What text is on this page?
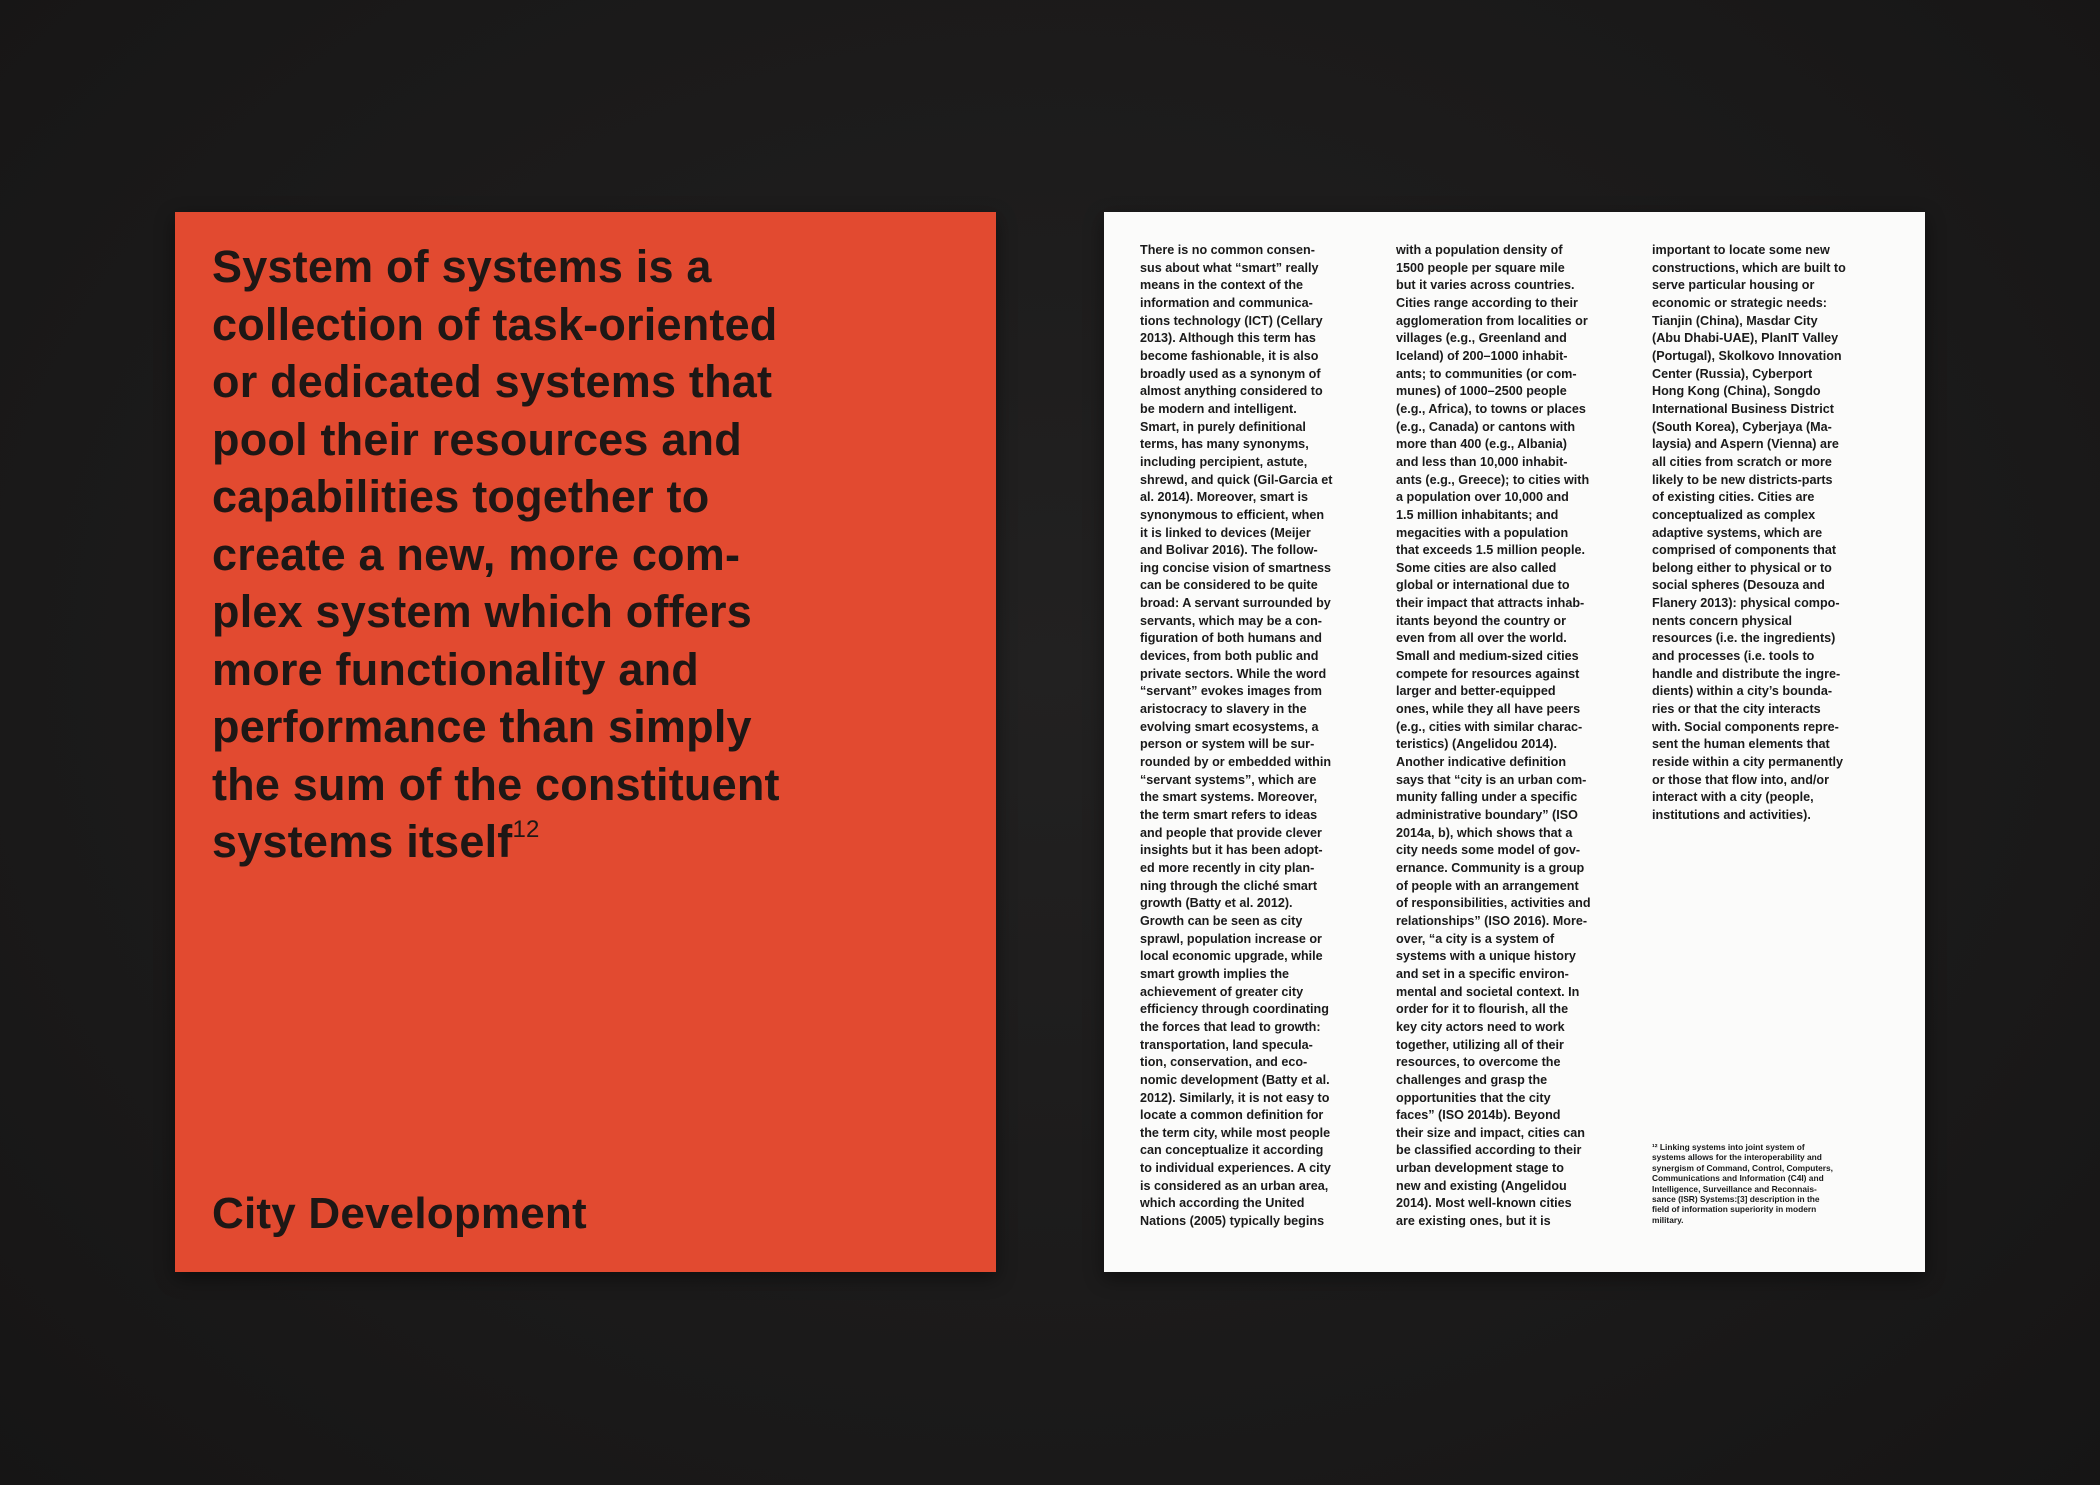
System of systems is a
collection of task-oriented
or dedicated systems that
pool their resources and
capabilities together to
create a new, more com-
plex system which offers
more functionality and
performance than simply
the sum of the constituent
systems itself$^{12}$
City Development

There is no common consen-
sus about what “smart” really
means in the context of the
information and communica-
tions technology (ICT) (Cellary
2013). Although this term has
become fashionable, it is also
broadly used as a synonym of
almost anything considered to
be modern and intelligent.
Smart, in purely definitional
terms, has many synonyms,
including percipient, astute,
shrewd, and quick (Gil-Garcia et
al. 2014). Moreover, smart is
synonymous to efficient, when
it is linked to devices (Meijer
and Bolivar 2016). The follow-
ing concise vision of smartness
can be considered to be quite
broad: A servant surrounded by
servants, which may be a con-
figuration of both humans and
devices, from both public and
private sectors. While the word
“servant” evokes images from
aristocracy to slavery in the
evolving smart ecosystems, a
person or system will be sur-
rounded by or embedded within
“servant systems”, which are
the smart systems. Moreover,
the term smart refers to ideas
and people that provide clever
insights but it has been adopt-
ed more recently in city plan-
ning through the cliché smart
growth (Batty et al. 2012).
Growth can be seen as city
sprawl, population increase or
local economic upgrade, while
smart growth implies the
achievement of greater city
efficiency through coordinating
the forces that lead to growth:
transportation, land specula-
tion, conservation, and eco-
nomic development (Batty et al.
2012). Similarly, it is not easy to
locate a common definition for
the term city, while most people
can conceptualize it according
to individual experiences. A city
is considered as an urban area,
which according the United
Nations (2005) typically begins

with a population density of
1500 people per square mile
but it varies across countries.
Cities range according to their
agglomeration from localities or
villages (e.g., Greenland and
Iceland) of 200–1000 inhabit-
ants; to communities (or com-
munes) of 1000–2500 people
(e.g., Africa), to towns or places
(e.g., Canada) or cantons with
more than 400 (e.g., Albania)
and less than 10,000 inhabit-
ants (e.g., Greece); to cities with
a population over 10,000 and
1.5 million inhabitants; and
megacities with a population
that exceeds 1.5 million people.
Some cities are also called
global or international due to
their impact that attracts inhab-
itants beyond the country or
even from all over the world.
Small and medium-sized cities
compete for resources against
larger and better-equipped
ones, while they all have peers
(e.g., cities with similar charac-
teristics) (Angelidou 2014).
Another indicative definition
says that “city is an urban com-
munity falling under a specific
administrative boundary” (ISO
2014a, b), which shows that a
city needs some model of gov-
ernance. Community is a group
of people with an arrangement
of responsibilities, activities and
relationships” (ISO 2016). More-
over, “a city is a system of
systems with a unique history
and set in a specific environ-
mental and societal context. In
order for it to flourish, all the
key city actors need to work
together, utilizing all of their
resources, to overcome the
challenges and grasp the
opportunities that the city
faces” (ISO 2014b). Beyond
their size and impact, cities can
be classified according to their
urban development stage to
new and existing (Angelidou
2014). Most well-known cities
are existing ones, but it is

important to locate some new
constructions, which are built to
serve particular housing or
economic or strategic needs:
Tianjin (China), Masdar City
(Abu Dhabi-UAE), PlanIT Valley
(Portugal), Skolkovo Innovation
Center (Russia), Cyberport
Hong Kong (China), Songdo
International Business District
(South Korea), Cyberjaya (Ma-
laysia) and Aspern (Vienna) are
all cities from scratch or more
likely to be new districts-parts
of existing cities. Cities are
conceptualized as complex
adaptive systems, which are
comprised of components that
belong either to physical or to
social spheres (Desouza and
Flanery 2013): physical compo-
nents concern physical
resources (i.e. the ingredients)
and processes (i.e. tools to
handle and distribute the ingre-
dients) within a city’s bounda-
ries or that the city interacts
with. Social components repre-
sent the human elements that
reside within a city permanently
or those that flow into, and/or
interact with a city (people,
institutions and activities).

¹² Linking systems into joint system of
systems allows for the interoperability and
synergism of Command, Control, Computers,
Communications and Information (C4I) and
Intelligence, Surveillance and Reconnais-
sance (ISR) Systems:[3] description in the
field of information superiority in modern
military.
